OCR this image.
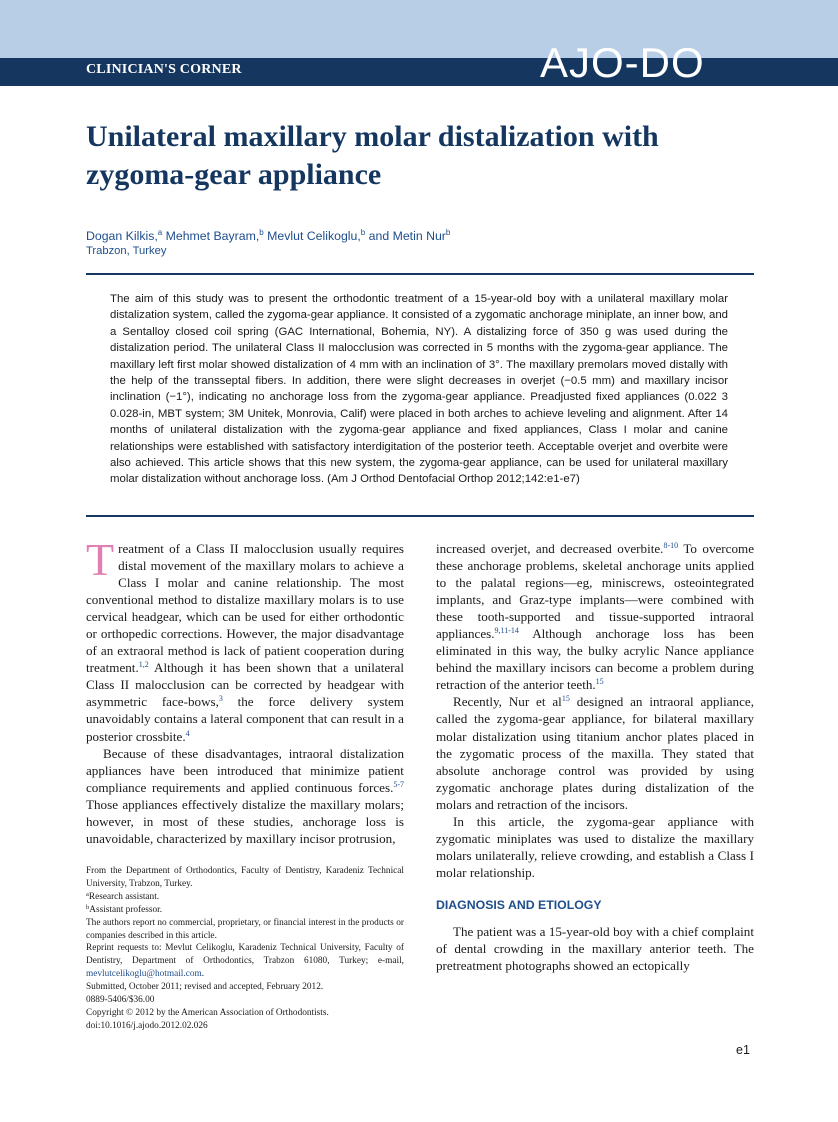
CLINICIAN'S CORNER	AJO-DO
Unilateral maxillary molar distalization with zygoma-gear appliance
Dogan Kilkis,$^a$ Mehmet Bayram,$^b$ Mevlut Celikoglu,$^b$ and Metin Nur$^b$
Trabzon, Turkey

The aim of this study was to present the orthodontic treatment of a 15-year-old boy with a unilateral maxillary molar distalization system, called the zygoma-gear appliance. It consisted of a zygomatic anchorage miniplate, an inner bow, and a Sentalloy closed coil spring (GAC International, Bohemia, NY). A distalizing force of 350 g was used during the distalization period. The unilateral Class II malocclusion was corrected in 5 months with the zygoma-gear appliance. The maxillary left first molar showed distalization of 4 mm with an inclination of 3°. The maxillary premolars moved distally with the help of the transseptal fibers. In addition, there were slight decreases in overjet (−0.5 mm) and maxillary incisor inclination (−1°), indicating no anchorage loss from the zygoma-gear appliance. Preadjusted fixed appliances (0.022 3 0.028-in, MBT system; 3M Unitek, Monrovia, Calif) were placed in both arches to achieve leveling and alignment. After 14 months of unilateral distalization with the zygoma-gear appliance and fixed appliances, Class I molar and canine relationships were established with satisfactory interdigitation of the posterior teeth. Acceptable overjet and overbite were also achieved. This article shows that this new system, the zygoma-gear appliance, can be used for unilateral maxillary molar distalization without anchorage loss. (Am J Orthod Dentofacial Orthop 2012;142:e1-e7)

Treatment of a Class II malocclusion usually requires distal movement of the maxillary molars to achieve a Class I molar and canine relationship. The most conventional method to distalize maxillary molars is to use cervical headgear, which can be used for either orthodontic or orthopedic corrections. However, the major disadvantage of an extraoral method is lack of patient cooperation during treatment.$^{1,2}$ Although it has been shown that a unilateral Class II malocclusion can be corrected by headgear with asymmetric face-bows,$^3$ the force delivery system unavoidably contains a lateral component that can result in a posterior crossbite.$^4$

Because of these disadvantages, intraoral distalization appliances have been introduced that minimize patient compliance requirements and applied continuous forces.$^{5-7}$ Those appliances effectively distalize the maxillary molars; however, in most of these studies, anchorage loss is unavoidable, characterized by maxillary incisor protrusion,

increased overjet, and decreased overbite.$^{8-10}$ To overcome these anchorage problems, skeletal anchorage units applied to the palatal regions—eg, miniscrews, osteointegrated implants, and Graz-type implants—were combined with these tooth-supported and tissue-supported intraoral appliances.$^{9,11-14}$ Although anchorage loss has been eliminated in this way, the bulky acrylic Nance appliance behind the maxillary incisors can become a problem during retraction of the anterior teeth.$^{15}$

Recently, Nur et $al^{15}$ designed an intraoral appliance, called the zygoma-gear appliance, for bilateral maxillary molar distalization using titanium anchor plates placed in the zygomatic process of the maxilla. They stated that absolute anchorage control was provided by using zygomatic anchorage plates during distalization of the molars and retraction of the incisors.

In this article, the zygoma-gear appliance with zygomatic miniplates was used to distalize the maxillary molars unilaterally, relieve crowding, and establish a Class I molar relationship.

DIAGNOSIS AND ETIOLOGY

The patient was a 15-year-old boy with a chief complaint of dental crowding in the maxillary anterior teeth. The pretreatment photographs showed an ectopically

From the Department of Orthodontics, Faculty of Dentistry, Karadeniz Technical University, Trabzon, Turkey.
$^a$Research assistant.
$^b$Assistant professor.
The authors report no commercial, proprietary, or financial interest in the products or companies described in this article.
Reprint requests to: Mevlut Celikoglu, Karadeniz Technical University, Faculty of Dentistry, Department of Orthodontics, Trabzon 61080, Turkey; e-mail, mevlutcelikoglu@hotmail.com.
Submitted, October 2011; revised and accepted, February 2012.
0889-5406/$36.00
Copyright © 2012 by the American Association of Orthodontists.
doi:10.1016/j.ajodo.2012.02.026
e1
